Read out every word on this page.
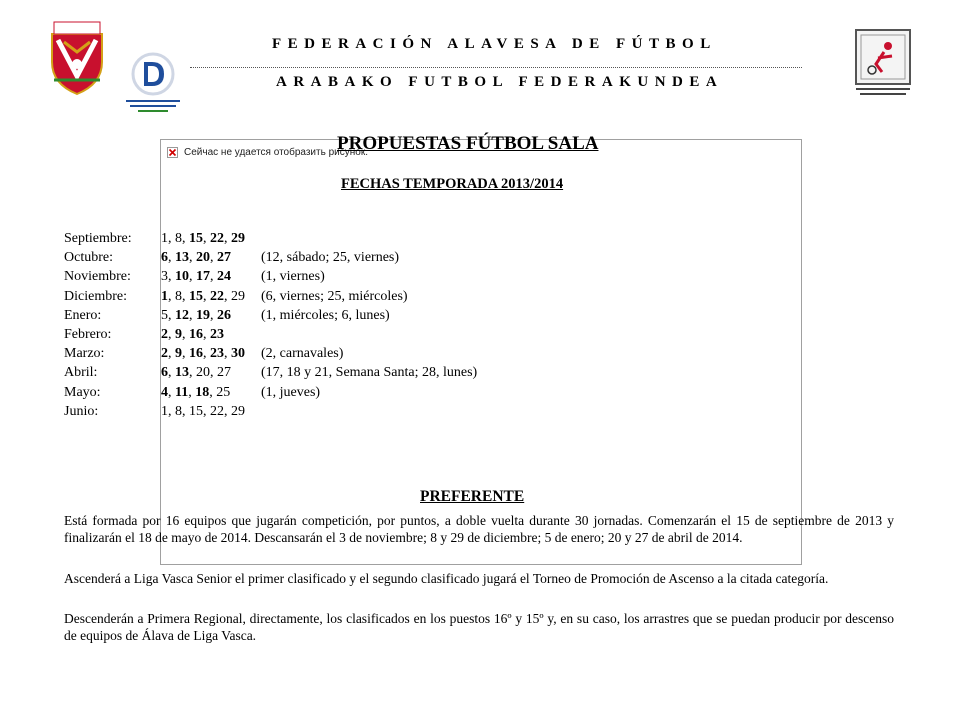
FEDERACIÓN ALAVESA DE FÚTBOL
ARABAKO FUTBOL FEDERAKUNDEA
Сейчас не удается отобразить рисунок.
PROPUESTAS FÚTBOL SALA
FECHAS TEMPORADA 2013/2014
Septiembre: 1, 8, 15, 22, 29
Octubre:	6, 13, 20, 27 (12, sábado; 25, viernes)
Noviembre: 3, 10, 17, 24 (1, viernes)
Diciembre: 1, 8, 15, 22, 29 (6, viernes; 25, miércoles)
Enero:	5, 12, 19, 26 (1, miércoles; 6, lunes)
Febrero:	2, 9, 16, 23
Marzo:	2, 9, 16, 23, 30 (2, carnavales)
Abril:	6, 13, 20, 27 (17, 18 y 21, Semana Santa; 28, lunes)
Mayo:	4, 11, 18, 25 (1, jueves)
Junio:	1, 8, 15, 22, 29
PREFERENTE
Está formada por 16 equipos que jugarán competición, por puntos, a doble vuelta durante 30 jornadas. Comenzarán el 15 de septiembre de 2013 y finalizarán el 18 de mayo de 2014. Descansarán el 3 de noviembre; 8 y 29 de diciembre; 5 de enero; 20 y 27 de abril de 2014.
Ascenderá a Liga Vasca Senior el primer clasificado y el segundo clasificado jugará el Torneo de Promoción de Ascenso a la citada categoría.
Descenderán a Primera Regional, directamente, los clasificados en los puestos 16º y 15º y, en su caso, los arrastres que se puedan producir por descenso de equipos de Álava de Liga Vasca.
